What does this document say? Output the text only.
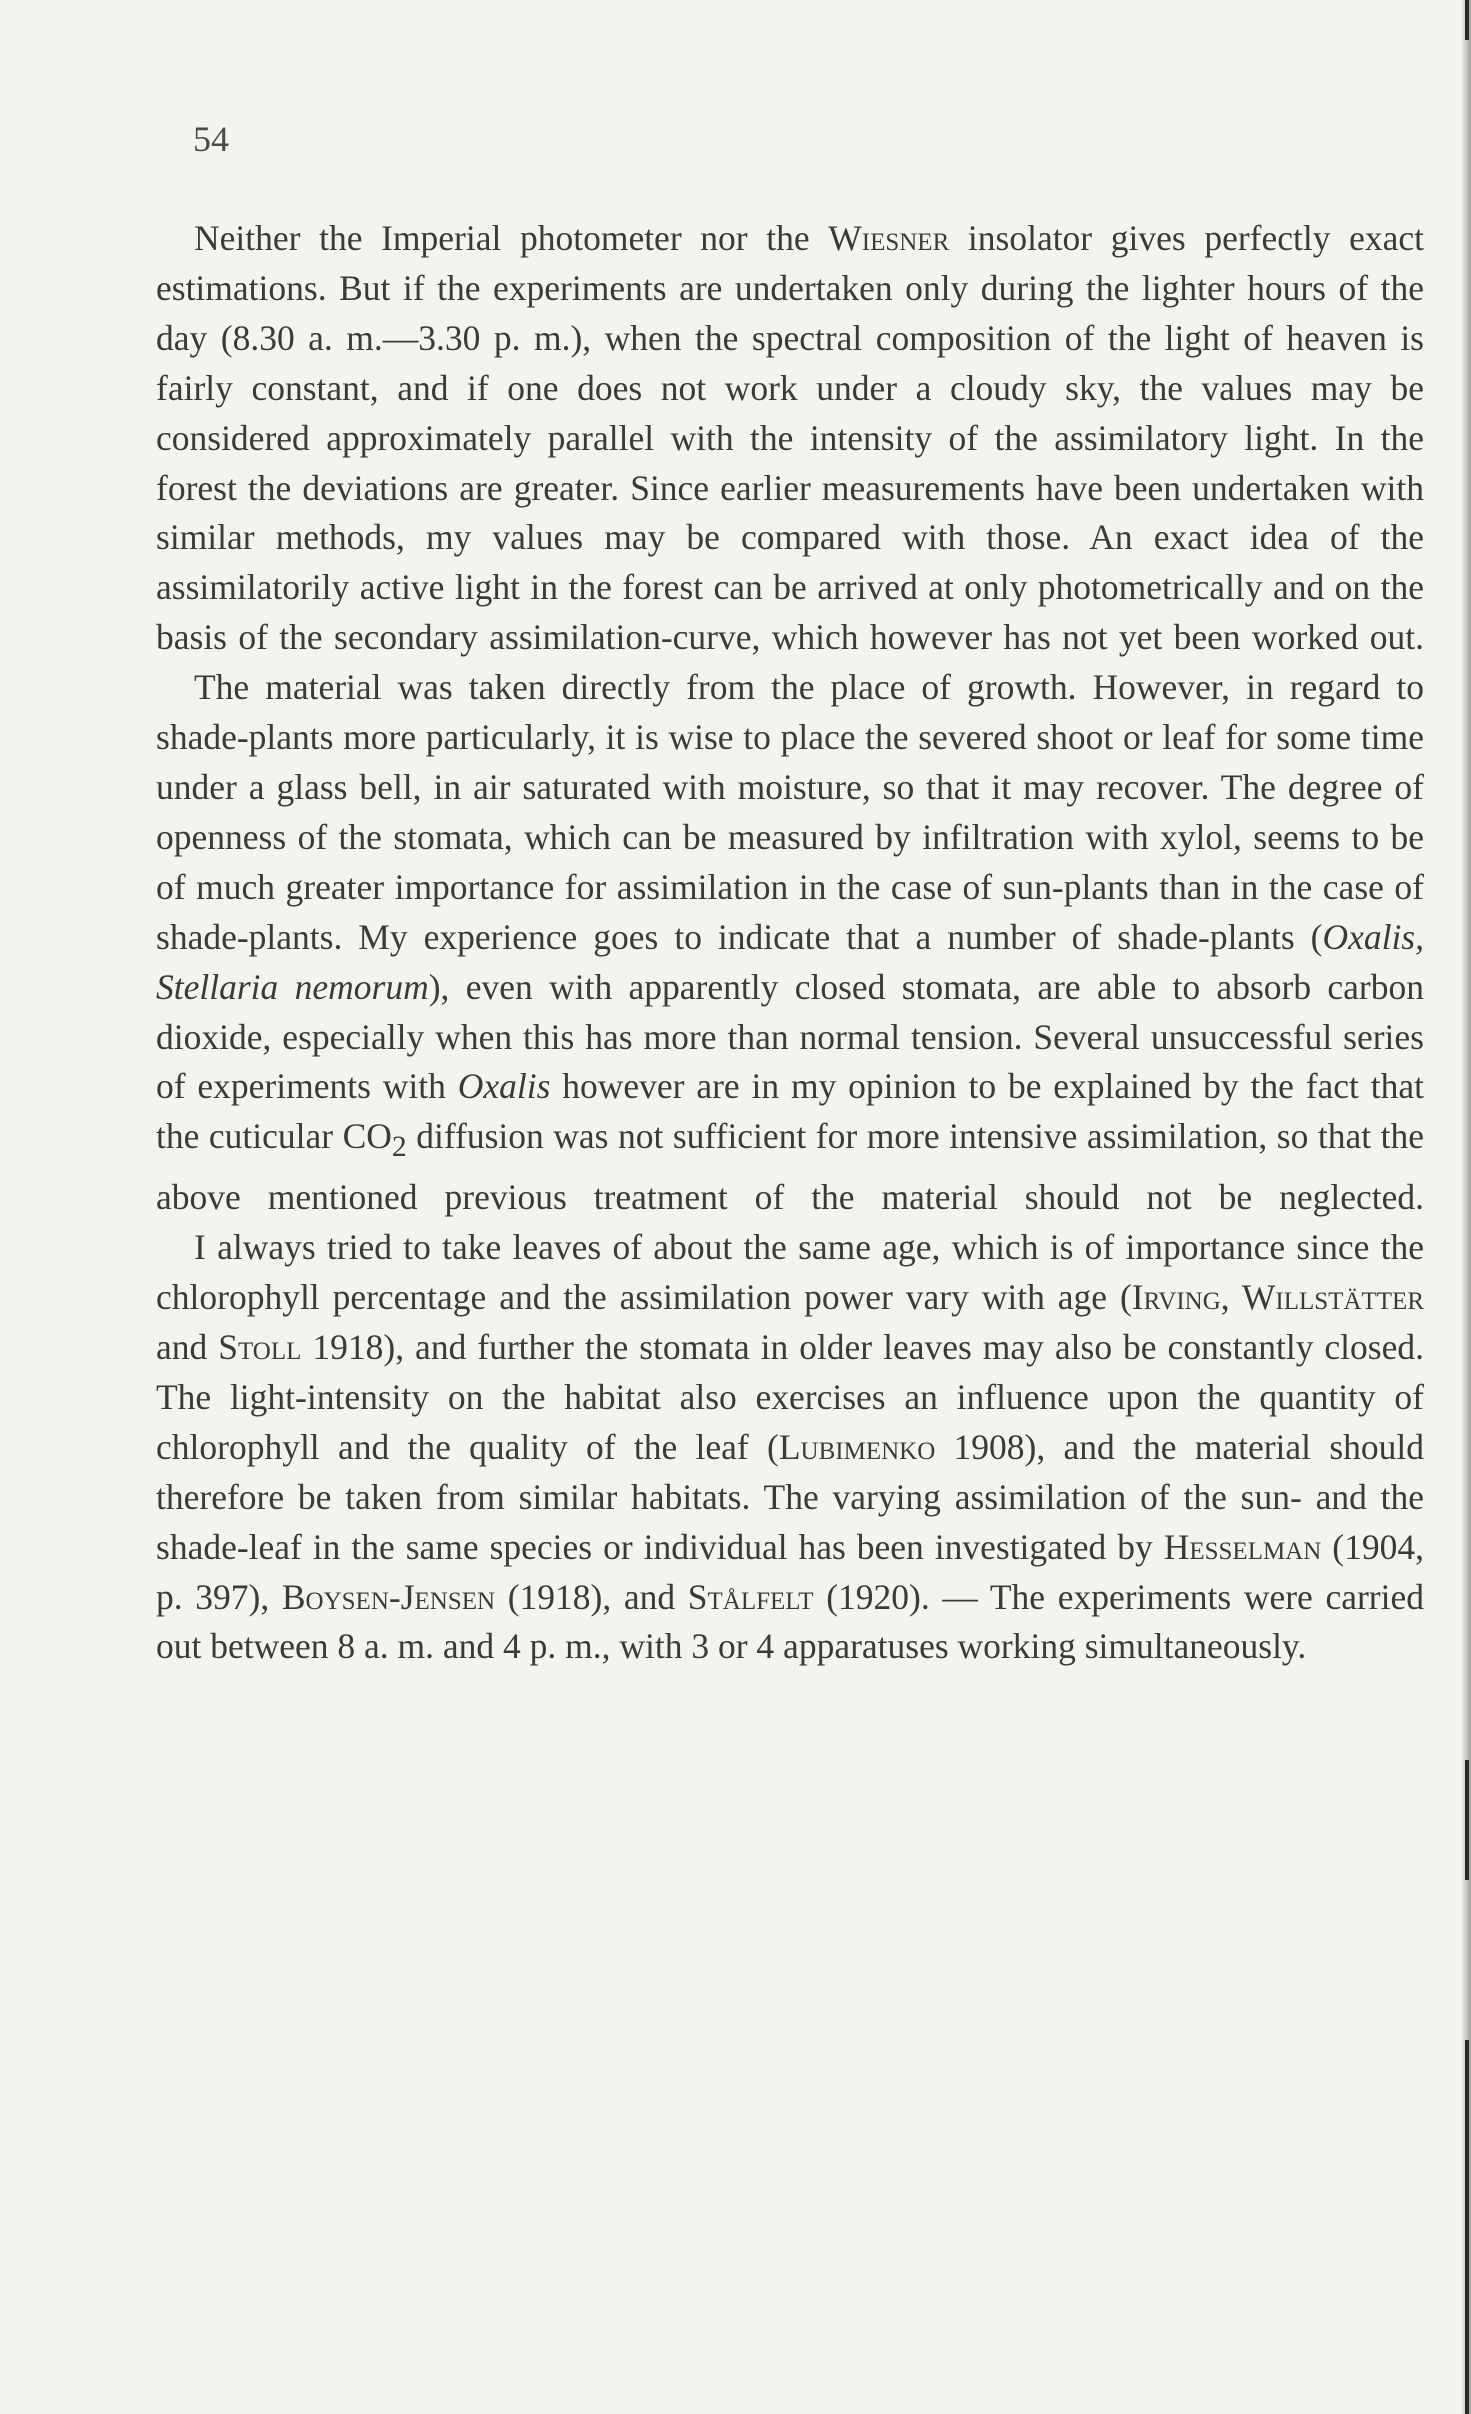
54

Neither the Imperial photometer nor the Wiesner insolator gives perfectly exact estimations. But if the experiments are undertaken only during the lighter hours of the day (8.30 a. m.—3.30 p. m.), when the spectral composition of the light of heaven is fairly constant, and if one does not work under a cloudy sky, the values may be considered approximately parallel with the intensity of the assimilatory light. In the forest the deviations are greater. Since earlier measurements have been undertaken with similar methods, my values may be compared with those. An exact idea of the assimilatorily active light in the forest can be arrived at only photometrically and on the basis of the secondary assimilation-curve, which however has not yet been worked out.

The material was taken directly from the place of growth. However, in regard to shade-plants more particularly, it is wise to place the severed shoot or leaf for some time under a glass bell, in air saturated with moisture, so that it may recover. The degree of openness of the stomata, which can be measured by infiltration with xylol, seems to be of much greater importance for assimilation in the case of sun-plants than in the case of shade-plants. My experience goes to indicate that a number of shade-plants (Oxalis, Stellaria nemorum), even with apparently closed stomata, are able to absorb carbon dioxide, especially when this has more than normal tension. Several unsuccessful series of experiments with Oxalis however are in my opinion to be explained by the fact that the cuticular $CO_2$ diffusion was not sufficient for more intensive assimilation, so that the above mentioned previous treatment of the material should not be neglected.

I always tried to take leaves of about the same age, which is of importance since the chlorophyll percentage and the assimilation power vary with age (Irving, Willstätter and Stoll 1918), and further the stomata in older leaves may also be constantly closed. The light-intensity on the habitat also exercises an influence upon the quantity of chlorophyll and the quality of the leaf (Lubimenko 1908), and the material should therefore be taken from similar habitats. The varying assimilation of the sun- and the shade-leaf in the same species or individual has been investigated by Hesselman (1904, p. 397), Boysen-Jensen (1918), and Stålfelt (1920). — The experiments were carried out between 8 a. m. and 4 p. m., with 3 or 4 apparatuses working simultaneously.
